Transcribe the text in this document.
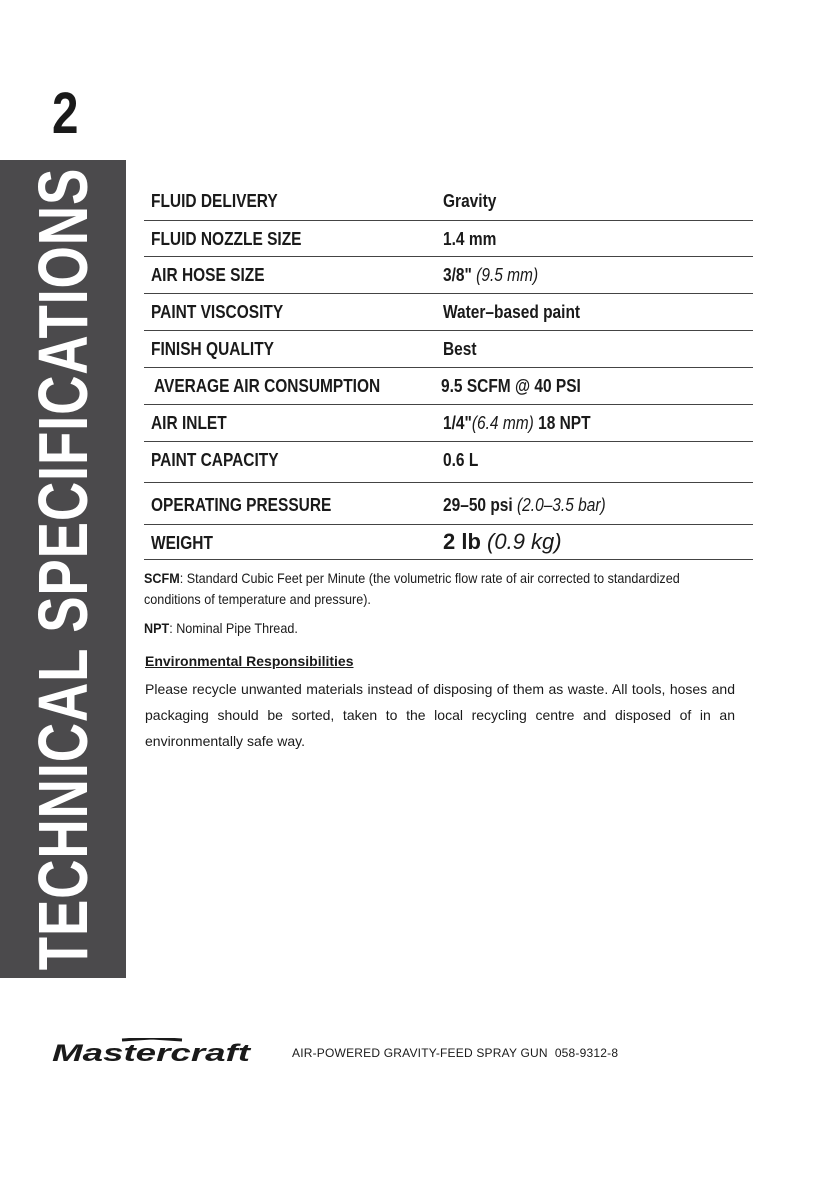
2
TECHNICAL SPECIFICATIONS	FLUID DELIVERY	Gravity
FLUID NOZZLE SIZE	1.4 mm
AIR HOSE SIZE	3/8" (9.5 mm)
PAINT VISCOSITY	Water–based paint
FINISH QUALITY	Best
AVERAGE AIR CONSUMPTION	9.5 SCFM @ 40 PSI
AIR INLET	1/4"(6.4 mm) 18 NPT
PAINT CAPACITY	0.6 L
OPERATING PRESSURE	29–50 psi (2.0–3.5 bar)
WEIGHT	2 lb (0.9 kg)

SCFM: Standard Cubic Feet per Minute (the volumetric flow rate of air corrected to standardized conditions of temperature and pressure).

NPT: Nominal Pipe Thread.

Environmental Responsibilities
Please recycle unwanted materials instead of disposing of them as waste. All tools, hoses and packaging should be sorted, taken to the local recycling centre and disposed of in an environmentally safe way.
Mastercraft	AIR-POWERED GRAVITY-FEED SPRAY GUN 058-9312-8
